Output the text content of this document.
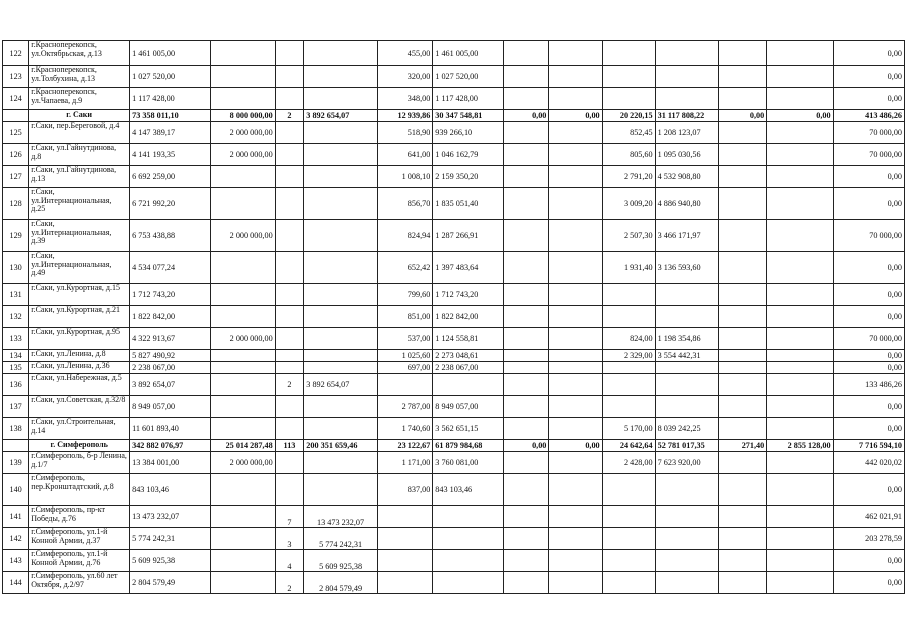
122	г.Красноперекопск, ул.Октябрьская, д.13	1 461 005,00				455,00	1 461 005,00							0,00
123	г.Красноперекопск, ул.Толбухина, д.13	1 027 520,00				320,00	1 027 520,00							0,00
124	г.Красноперекопск, ул.Чапаева, д.9	1 117 428,00				348,00	1 117 428,00							0,00
	г. Саки	73 358 011,10	8 000 000,00	2	3 892 654,07	12 939,86	30 347 548,81	0,00	0,00	20 220,15	31 117 808,22	0,00	0,00	413 486,26
125	г.Саки, пер.Береговой, д.4	4 147 389,17	2 000 000,00			518,90	939 266,10			852,45	1 208 123,07			70 000,00
126	г.Саки, ул.Гайнутдинова, д.8	4 141 193,35	2 000 000,00			641,00	1 046 162,79			805,60	1 095 030,56			70 000,00
127	г.Саки, ул.Гайнутдинова, д.13	6 692 259,00				1 008,10	2 159 350,20			2 791,20	4 532 908,80			0,00
128	г.Саки, ул.Интернациональная, д.25	6 721 992,20				856,70	1 835 051,40			3 009,20	4 886 940,80			0,00
129	г.Саки, ул.Интернациональная, д.39	6 753 438,88	2 000 000,00			824,94	1 287 266,91			2 507,30	3 466 171,97			70 000,00
130	г.Саки, ул.Интернациональная, д.49	4 534 077,24				652,42	1 397 483,64			1 931,40	3 136 593,60			0,00
131	г.Саки, ул.Курортная, д.15	1 712 743,20				799,60	1 712 743,20							0,00
132	г.Саки, ул.Курортная, д.21	1 822 842,00				851,00	1 822 842,00							0,00
133	г.Саки, ул.Курортная, д.95	4 322 913,67	2 000 000,00			537,00	1 124 558,81			824,00	1 198 354,86			70 000,00
134	г.Саки, ул.Ленина, д.8	5 827 490,92				1 025,60	2 273 048,61			2 329,00	3 554 442,31			0,00
135	г.Саки, ул.Ленина, д.36	2 238 067,00				697,00	2 238 067,00							0,00
136	г.Саки, ул.Набережная, д.5	3 892 654,07		2	3 892 654,07									133 486,26
137	г.Саки, ул.Советская, д.32/8	8 949 057,00				2 787,00	8 949 057,00							0,00
138	г.Саки, ул.Строительная, д.14	11 601 893,40				1 740,60	3 562 651,15			5 170,00	8 039 242,25			0,00
	г. Симферополь	342 882 076,97	25 014 287,48	113	200 351 659,46	23 122,67	61 879 984,68	0,00	0,00	24 642,64	52 781 017,35	271,40	2 855 128,00	7 716 594,10
139	г.Симферополь, б-р Ленина, д.1/7	13 384 001,00	2 000 000,00			1 171,00	3 760 081,00			2 428,00	7 623 920,00			442 020,02
140	г.Симферополь, пер.Кронштадтский, д.8	843 103,46				837,00	843 103,46							0,00
141	г.Симферополь, пр-кт Победы, д.76	13 473 232,07		7	13 473 232,07									462 021,91
142	г.Симферополь, ул.1-й Конной Армии, д.37	5 774 242,31		3	5 774 242,31									203 278,59
143	г.Симферополь, ул.1-й Конной Армии, д.76	5 609 925,38		4	5 609 925,38									0,00
144	г.Симферополь, ул.60 лет Октября, д.2/97	2 804 579,49		2	2 804 579,49									0,00
